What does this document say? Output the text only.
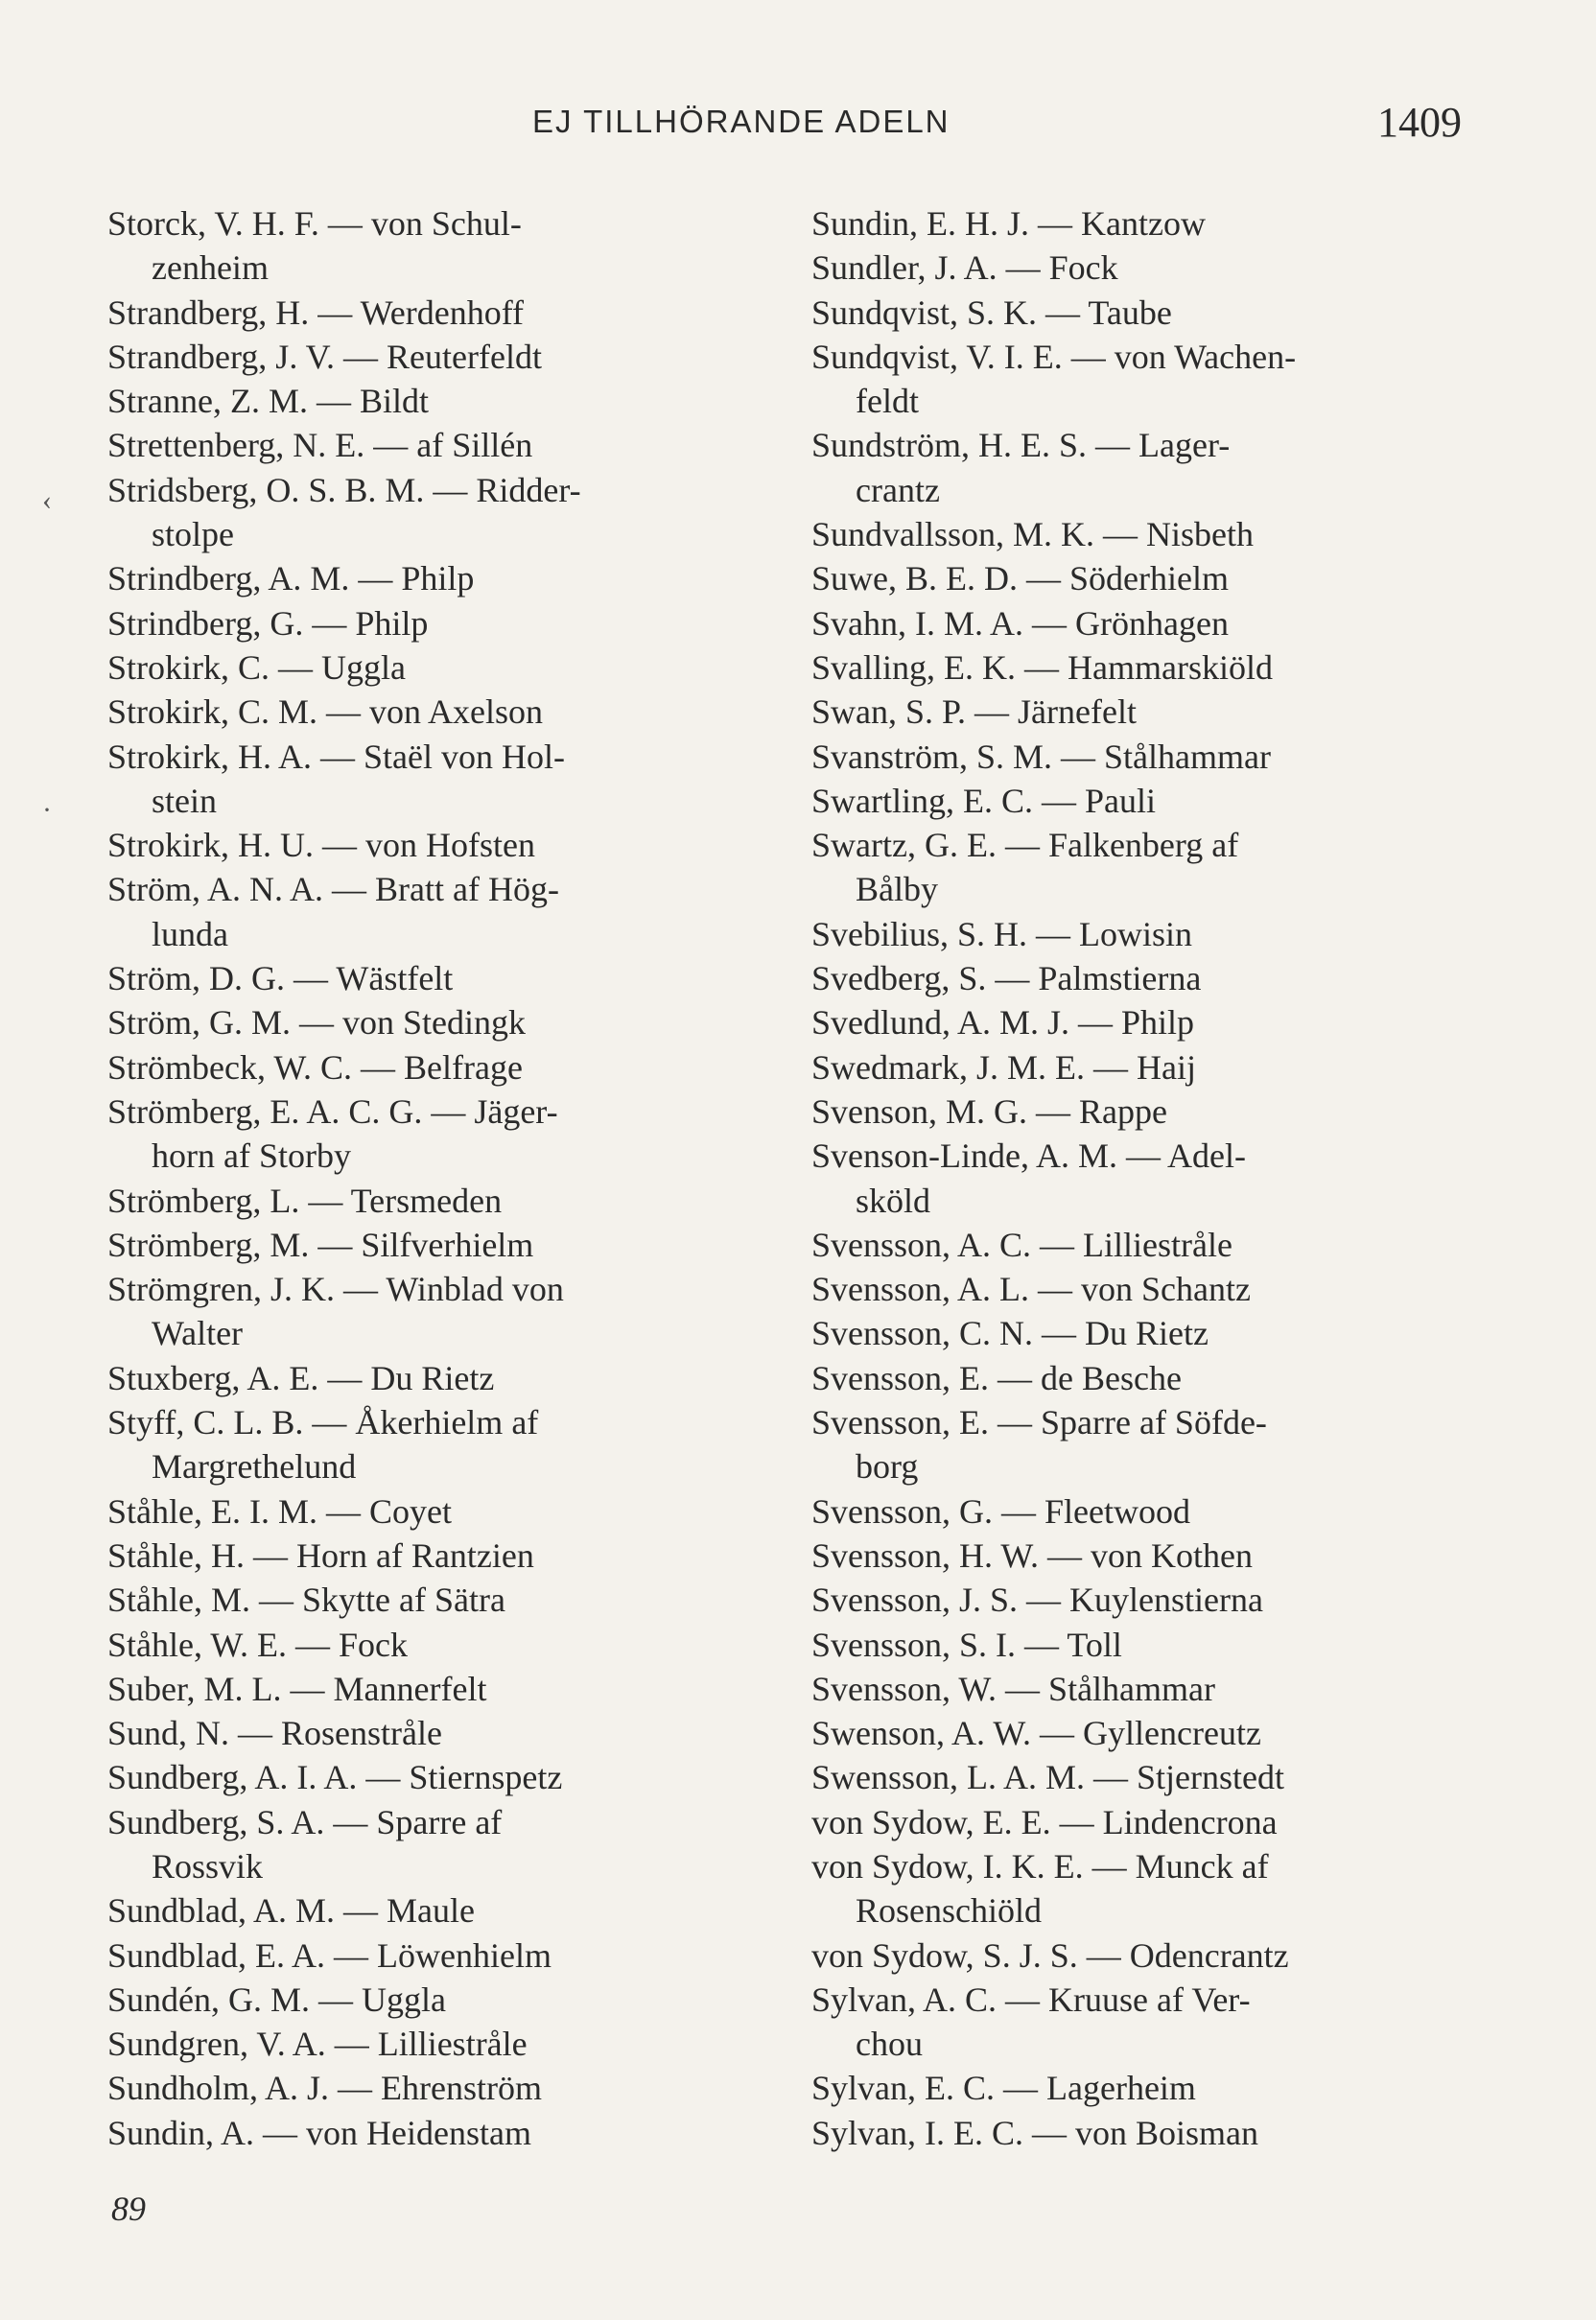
EJ TILLHÖRANDE ADELN	1409
‹
·
Storck, V. H. F. — von Schul-
zenheim
Strandberg, H. — Werdenhoff
Strandberg, J. V. — Reuterfeldt
Stranne, Z. M. — Bildt
Strettenberg, N. E. — af Sillén
Stridsberg, O. S. B. M. — Ridder-
stolpe
Strindberg, A. M. — Philp
Strindberg, G. — Philp
Strokirk, C. — Uggla
Strokirk, C. M. — von Axelson
Strokirk, H. A. — Staël von Hol-
stein
Strokirk, H. U. — von Hofsten
Ström, A. N. A. — Bratt af Hög-
lunda
Ström, D. G. — Wästfelt
Ström, G. M. — von Stedingk
Strömbeck, W. C. — Belfrage
Strömberg, E. A. C. G. — Jäger-
horn af Storby
Strömberg, L. — Tersmeden
Strömberg, M. — Silfverhielm
Strömgren, J. K. — Winblad von
Walter
Stuxberg, A. E. — Du Rietz
Styff, C. L. B. — Åkerhielm af
Margrethelund
Ståhle, E. I. M. — Coyet
Ståhle, H. — Horn af Rantzien
Ståhle, M. — Skytte af Sätra
Ståhle, W. E. — Fock
Suber, M. L. — Mannerfelt
Sund, N. — Rosenstråle
Sundberg, A. I. A. — Stiernspetz
Sundberg, S. A. — Sparre af
Rossvik
Sundblad, A. M. — Maule
Sundblad, E. A. — Löwenhielm
Sundén, G. M. — Uggla
Sundgren, V. A. — Lilliestråle
Sundholm, A. J. — Ehrenström
Sundin, A. — von Heidenstam
Sundin, E. H. J. — Kantzow
Sundler, J. A. — Fock
Sundqvist, S. K. — Taube
Sundqvist, V. I. E. — von Wachen-
feldt
Sundström, H. E. S. — Lager-
crantz
Sundvallsson, M. K. — Nisbeth
Suwe, B. E. D. — Söderhielm
Svahn, I. M. A. — Grönhagen
Svalling, E. K. — Hammarskiöld
Swan, S. P. — Järnefelt
Svanström, S. M. — Stålhammar
Swartling, E. C. — Pauli
Swartz, G. E. — Falkenberg af
Bålby
Svebilius, S. H. — Lowisin
Svedberg, S. — Palmstierna
Svedlund, A. M. J. — Philp
Swedmark, J. M. E. — Haij
Svenson, M. G. — Rappe
Svenson-Linde, A. M. — Adel-
sköld
Svensson, A. C. — Lilliestråle
Svensson, A. L. — von Schantz
Svensson, C. N. — Du Rietz
Svensson, E. — de Besche
Svensson, E. — Sparre af Söfde-
borg
Svensson, G. — Fleetwood
Svensson, H. W. — von Kothen
Svensson, J. S. — Kuylenstierna
Svensson, S. I. — Toll
Svensson, W. — Stålhammar
Swenson, A. W. — Gyllencreutz
Swensson, L. A. M. — Stjernstedt
von Sydow, E. E. — Lindencrona
von Sydow, I. K. E. — Munck af
Rosenschiöld
von Sydow, S. J. S. — Odencrantz
Sylvan, A. C. — Kruuse af Ver-
chou
Sylvan, E. C. — Lagerheim
Sylvan, I. E. C. — von Boisman
89
